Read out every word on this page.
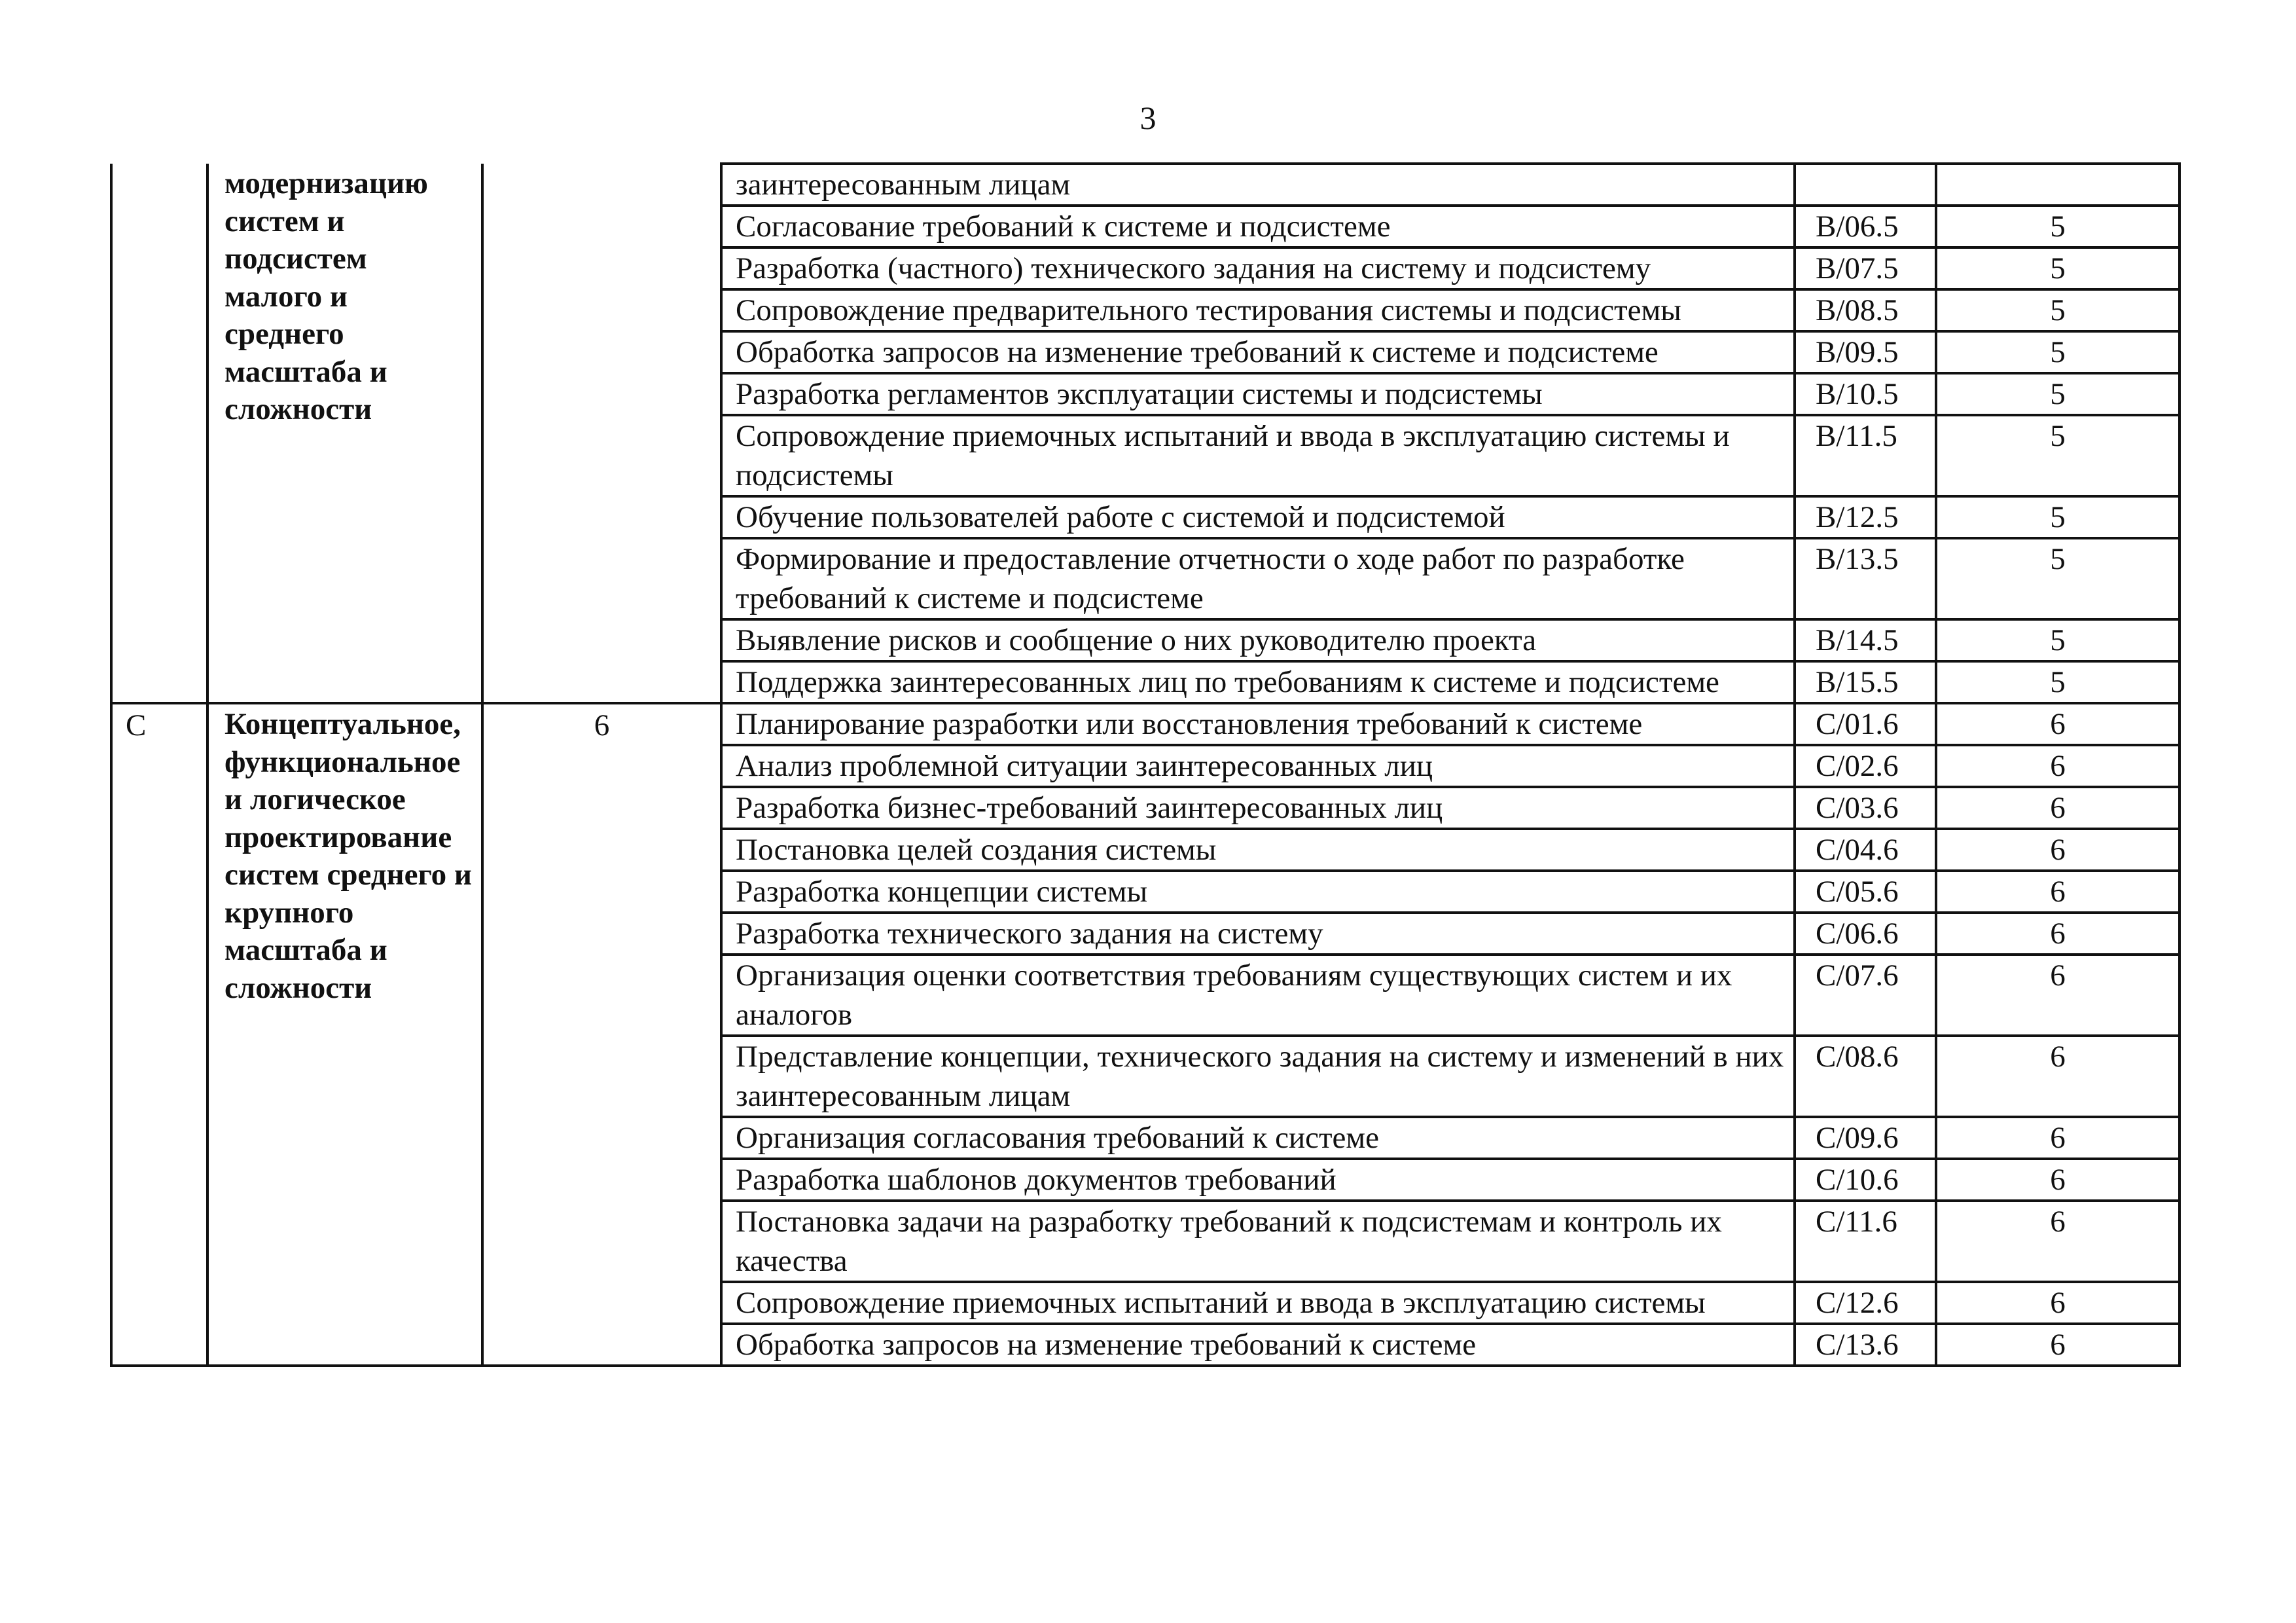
3
	модернизацию систем и подсистем малого и среднего масштаба и сложности		заинтересованным лицам		
			Согласование требований к системе и подсистеме	B/06.5	5
			Разработка (частного) технического задания на систему и подсистему	B/07.5	5
			Сопровождение предварительного тестирования системы и подсистемы	B/08.5	5
			Обработка запросов на изменение требований к системе и подсистеме	B/09.5	5
			Разработка регламентов эксплуатации системы и подсистемы	B/10.5	5
			Сопровождение приемочных испытаний и ввода в эксплуатацию системы и подсистемы	B/11.5	5
			Обучение пользователей работе с системой и подсистемой	B/12.5	5
			Формирование и предоставление отчетности о ходе работ по разработке требований к системе и подсистеме	B/13.5	5
			Выявление рисков и сообщение о них руководителю проекта	B/14.5	5
			Поддержка заинтересованных лиц по требованиям к системе и подсистеме	B/15.5	5
C	Концептуальное, функциональное и логическое проектирование систем среднего и крупного масштаба и сложности	6	Планирование разработки или восстановления требований к системе	C/01.6	6
			Анализ проблемной ситуации заинтересованных лиц	C/02.6	6
			Разработка бизнес-требований заинтересованных лиц	C/03.6	6
			Постановка целей создания системы	C/04.6	6
			Разработка концепции системы	C/05.6	6
			Разработка технического задания на систему	C/06.6	6
			Организация оценки соответствия требованиям существующих систем и их аналогов	C/07.6	6
			Представление концепции, технического задания на систему и изменений в них заинтересованным лицам	C/08.6	6
			Организация согласования требований к системе	C/09.6	6
			Разработка шаблонов документов требований	C/10.6	6
			Постановка задачи на разработку требований к подсистемам и контроль их качества	C/11.6	6
			Сопровождение приемочных испытаний и ввода в эксплуатацию системы	C/12.6	6
			Обработка запросов на изменение требований к системе	C/13.6	6
